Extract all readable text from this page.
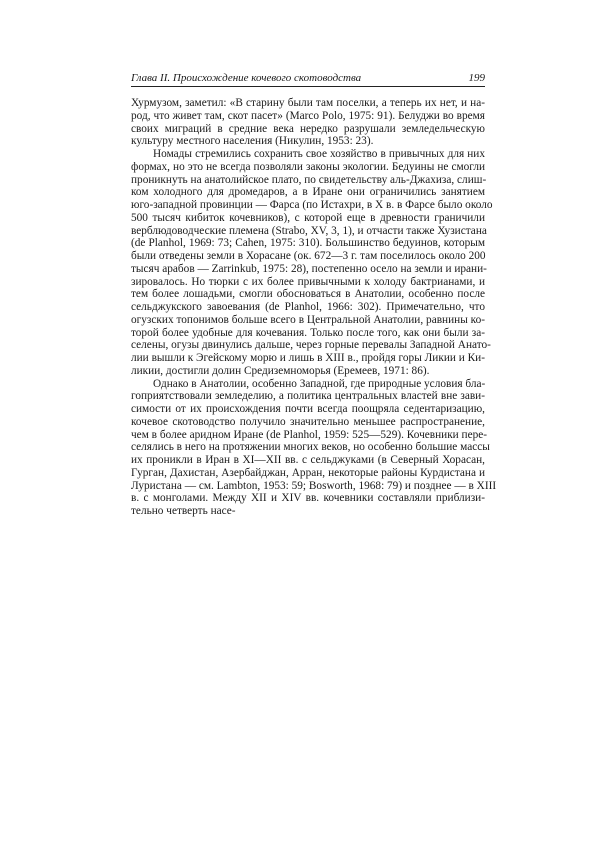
Глава II. Происхождение кочевого скотоводства	199
Хурмузом, заметил: «В старину были там поселки, а теперь их нет, и на-
род, что живет там, скот пасет» (Marco Polo, 1975: 91). Белуджи во время
своих миграций в средние века нередко разрушали земледельческую
культуру местного населения (Никулин, 1953: 23).
Номады стремились сохранить свое хозяйство в привычных для них
формах, но это не всегда позволяли законы экологии. Бедуины не смогли
проникнуть на анатолийское плато, по свидетельству аль-Джахиза, слиш-
ком холодного для дромедаров, а в Иране они ограничились занятием
юго-западной провинции — Фарса (по Истахри, в X в. в Фарсе было около
500 тысяч кибиток кочевников), с которой еще в древности граничили
верблюдоводческие племена (Strabo, XV, 3, 1), и отчасти также Хузистана
(de Planhol, 1969: 73; Cahen, 1975: 310). Большинство бедуинов, которым
были отведены земли в Хорасане (ок. 672—3 г. там поселилось около 200
тысяч арабов — Zarrinkub, 1975: 28), постепенно осело на земли и ирани-
зировалось. Но тюрки с их более привычными к холоду бактрианами, и
тем более лошадьми, смогли обосноваться в Анатолии, особенно после
сельджукского завоевания (de Planhol, 1966: 302). Примечательно, что
огузских топонимов больше всего в Центральной Анатолии, равнины ко-
торой более удобные для кочевания. Только после того, как они были за-
селены, огузы двинулись дальше, через горные перевалы Западной Анато-
лии вышли к Эгейскому морю и лишь в XIII в., пройдя горы Ликии и Ки-
ликии, достигли долин Средиземноморья (Еремеев, 1971: 86).
Однако в Анатолии, особенно Западной, где природные условия бла-
гоприятствовали земледелию, а политика центральных властей вне зави-
симости от их происхождения почти всегда поощряла седентаризацию,
кочевое скотоводство получило значительно меньшее распространение,
чем в более аридном Иране (de Planhol, 1959: 525—529). Кочевники пере-
селялись в него на протяжении многих веков, но особенно большие массы
их проникли в Иран в XI—XII вв. с сельджуками (в Северный Хорасан,
Гурган, Дахистан, Азербайджан, Арран, некоторые районы Курдистана и
Луристана — см. Lambton, 1953: 59; Bosworth, 1968: 79) и позднее — в XIII
в. с монголами. Между XII и XIV вв. кочевники составляли приблизи-
тельно четверть насе-
